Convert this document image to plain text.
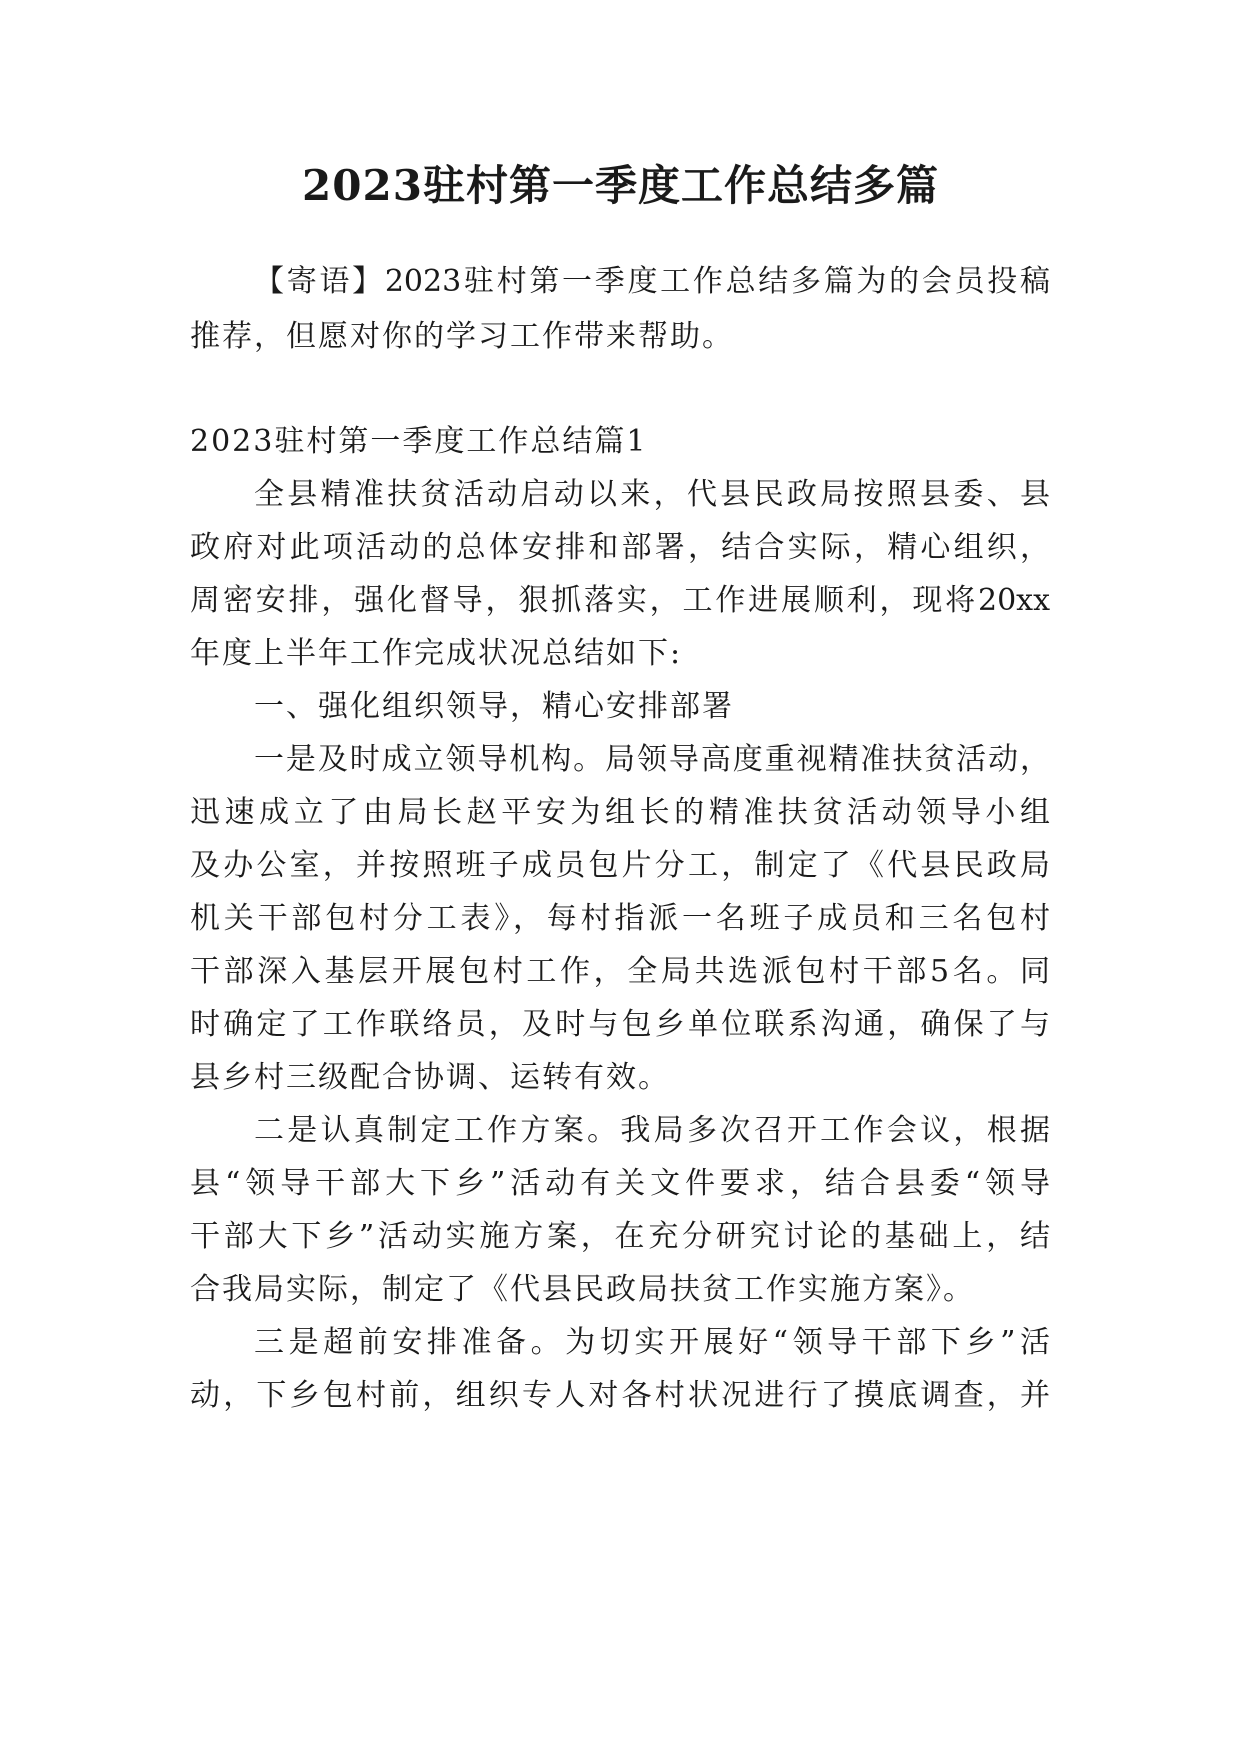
2023驻村第一季度工作总结多篇
【寄语】2023驻村第一季度工作总结多篇为的会员投稿
推荐，但愿对你的学习工作带来帮助。
2023驻村第一季度工作总结篇1
全县精准扶贫活动启动以来，代县民政局按照县委、县
政府对此项活动的总体安排和部署，结合实际，精心组织，
周密安排，强化督导，狠抓落实，工作进展顺利，现将20xx
年度上半年工作完成状况总结如下:
一、强化组织领导，精心安排部署
一是及时成立领导机构。局领导高度重视精准扶贫活动，
迅速成立了由局长赵平安为组长的精准扶贫活动领导小组
及办公室，并按照班子成员包片分工，制定了《代县民政局
机关干部包村分工表》，每村指派一名班子成员和三名包村
干部深入基层开展包村工作，全局共选派包村干部5名。同
时确定了工作联络员，及时与包乡单位联系沟通，确保了与
县乡村三级配合协调、运转有效。
二是认真制定工作方案。我局多次召开工作会议，根据
县“领导干部大下乡”活动有关文件要求，结合县委“领导
干部大下乡”活动实施方案，在充分研究讨论的基础上，结
合我局实际，制定了《代县民政局扶贫工作实施方案》。
三是超前安排准备。为切实开展好“领导干部下乡”活
动，下乡包村前，组织专人对各村状况进行了摸底调查，并
